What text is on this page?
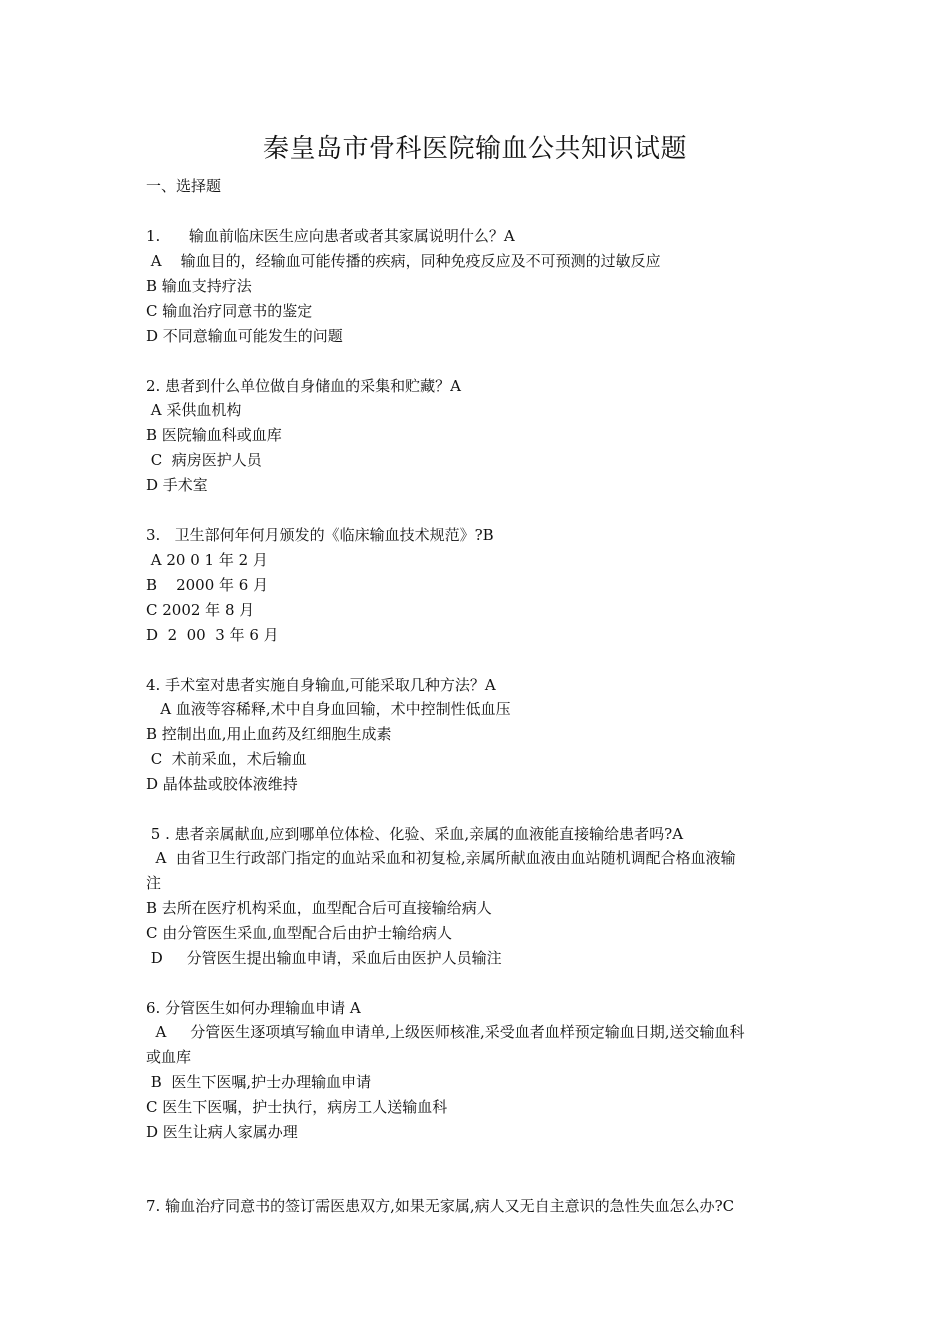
秦皇岛市骨科医院输血公共知识试题
一、选择题
1.      输血前临床医生应向患者或者其家属说明什么？A
A    输血目的，经输血可能传播的疾病，同种免疫反应及不可预测的过敏反应
B 输血支持疗法
C 输血治疗同意书的鉴定
D 不同意输血可能发生的问题
2. 患者到什么单位做自身储血的采集和贮藏？A
A 采供血机构
B 医院输血科或血库
C  病房医护人员
D 手术室
3.   卫生部何年何月颁发的《临床输血技术规范》?B
A 20 0 1 年 2 月
B    2000 年 6 月
C 2002 年 8 月
D  2  00  3 年 6 月
4. 手术室对患者实施自身输血,可能采取几种方法？A
A 血液等容稀释,术中自身血回输，术中控制性低血压
B 控制出血,用止血药及红细胞生成素
C  术前采血，术后输血
D 晶体盐或胶体液维持
5 . 患者亲属献血,应到哪单位体检、化验、采血,亲属的血液能直接输给患者吗?A
A  由省卫生行政部门指定的血站采血和初复检,亲属所献血液由血站随机调配合格血液输
注
B 去所在医疗机构采血，血型配合后可直接输给病人
C 由分管医生采血,血型配合后由护士输给病人
D     分管医生提出输血申请，采血后由医护人员输注
6. 分管医生如何办理输血申请 A
A     分管医生逐项填写输血申请单,上级医师核准,采受血者血样预定输血日期,送交输血科
或血库
B  医生下医嘱,护士办理输血申请
C 医生下医嘱，护士执行，病房工人送输血科
D 医生让病人家属办理
7. 输血治疗同意书的签订需医患双方,如果无家属,病人又无自主意识的急性失血怎么办?C
